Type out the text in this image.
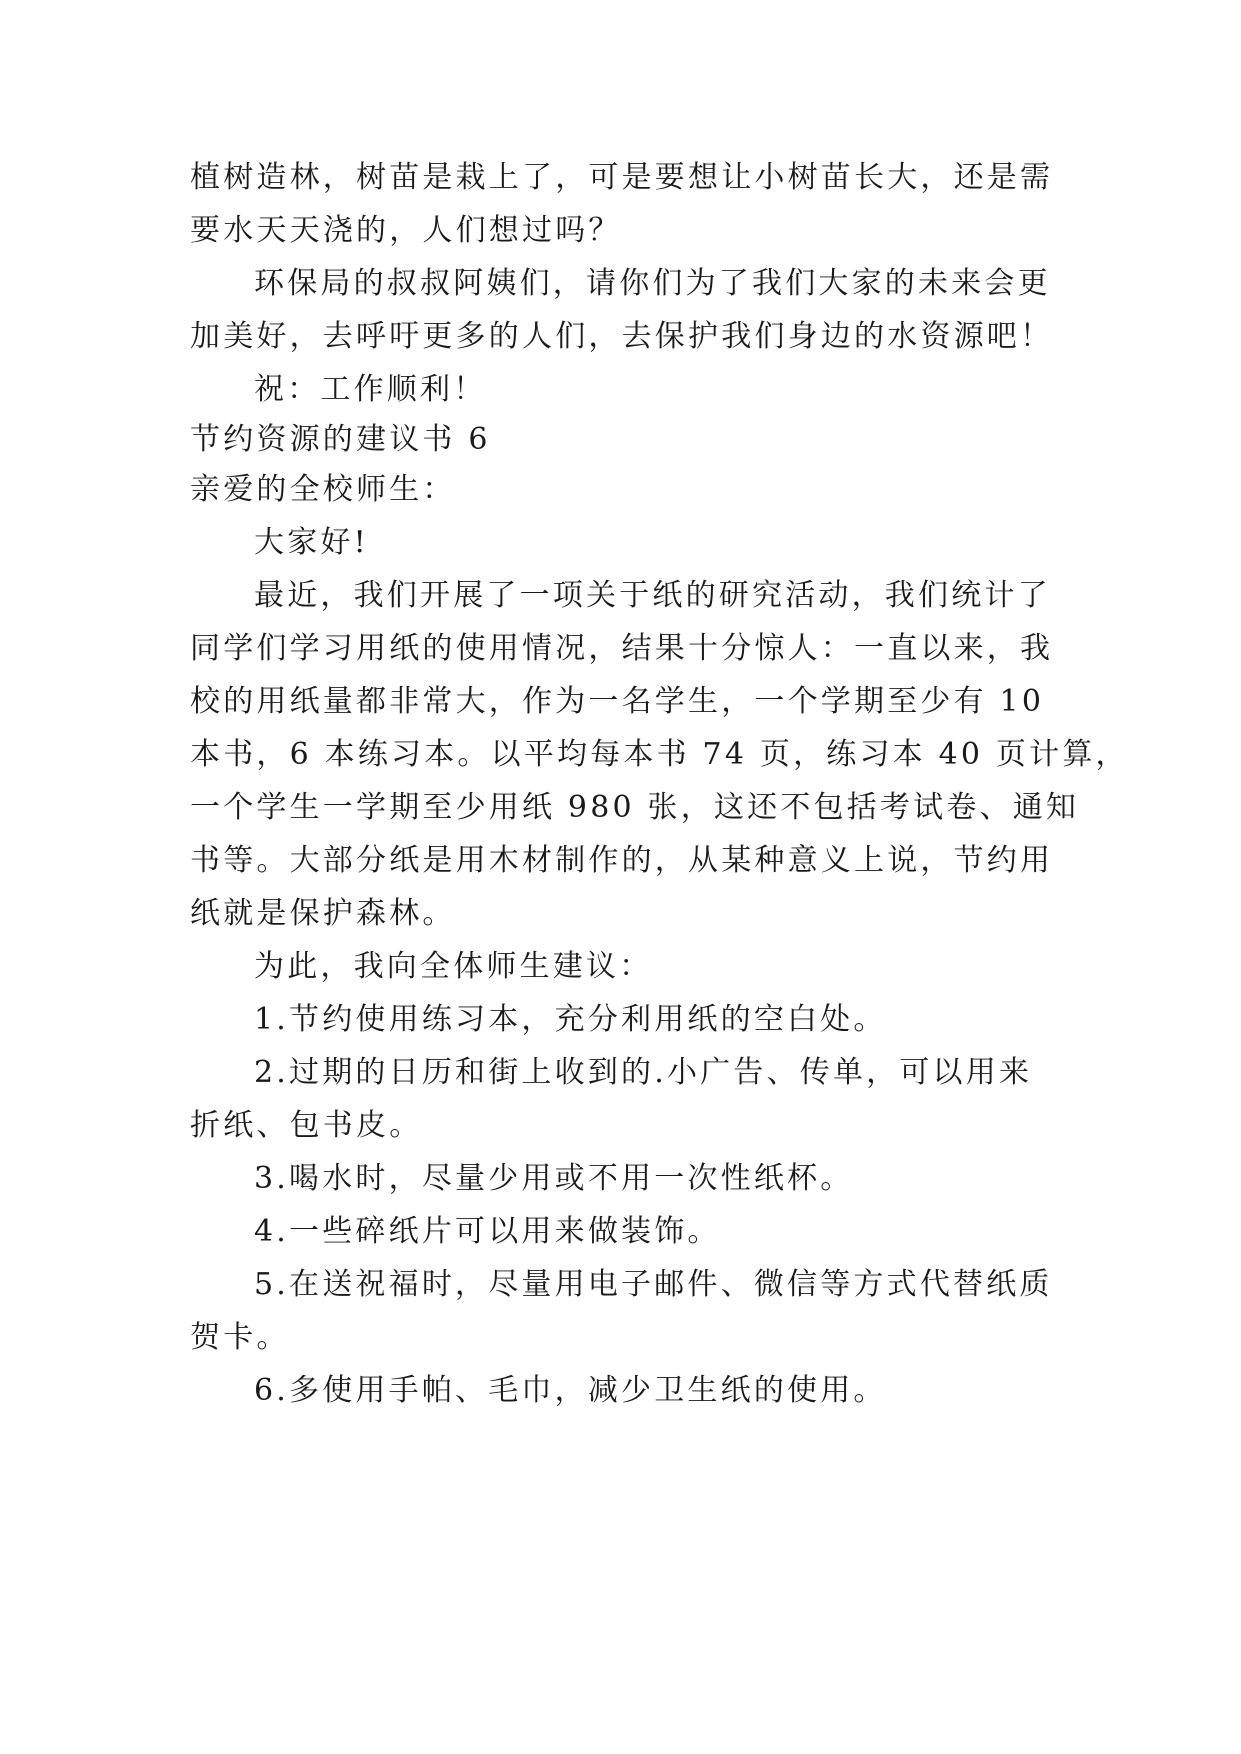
植树造林，树苗是栽上了，可是要想让小树苗长大，还是需
要水天天浇的，人们想过吗？
环保局的叔叔阿姨们，请你们为了我们大家的未来会更
加美好，去呼吁更多的人们，去保护我们身边的水资源吧！
祝：工作顺利！
节约资源的建议书 6
亲爱的全校师生：
大家好!
最近，我们开展了一项关于纸的研究活动，我们统计了
同学们学习用纸的使用情况，结果十分惊人：一直以来，我
校的用纸量都非常大，作为一名学生，一个学期至少有 10
本书，6 本练习本。以平均每本书 74 页，练习本 40 页计算，
一个学生一学期至少用纸 980 张，这还不包括考试卷、通知
书等。大部分纸是用木材制作的，从某种意义上说，节约用
纸就是保护森林。
为此，我向全体师生建议：
1.节约使用练习本，充分利用纸的空白处。
2.过期的日历和街上收到的.小广告、传单，可以用来
折纸、包书皮。
3.喝水时，尽量少用或不用一次性纸杯。
4.一些碎纸片可以用来做装饰。
5.在送祝福时，尽量用电子邮件、微信等方式代替纸质
贺卡。
6.多使用手帕、毛巾，减少卫生纸的使用。
